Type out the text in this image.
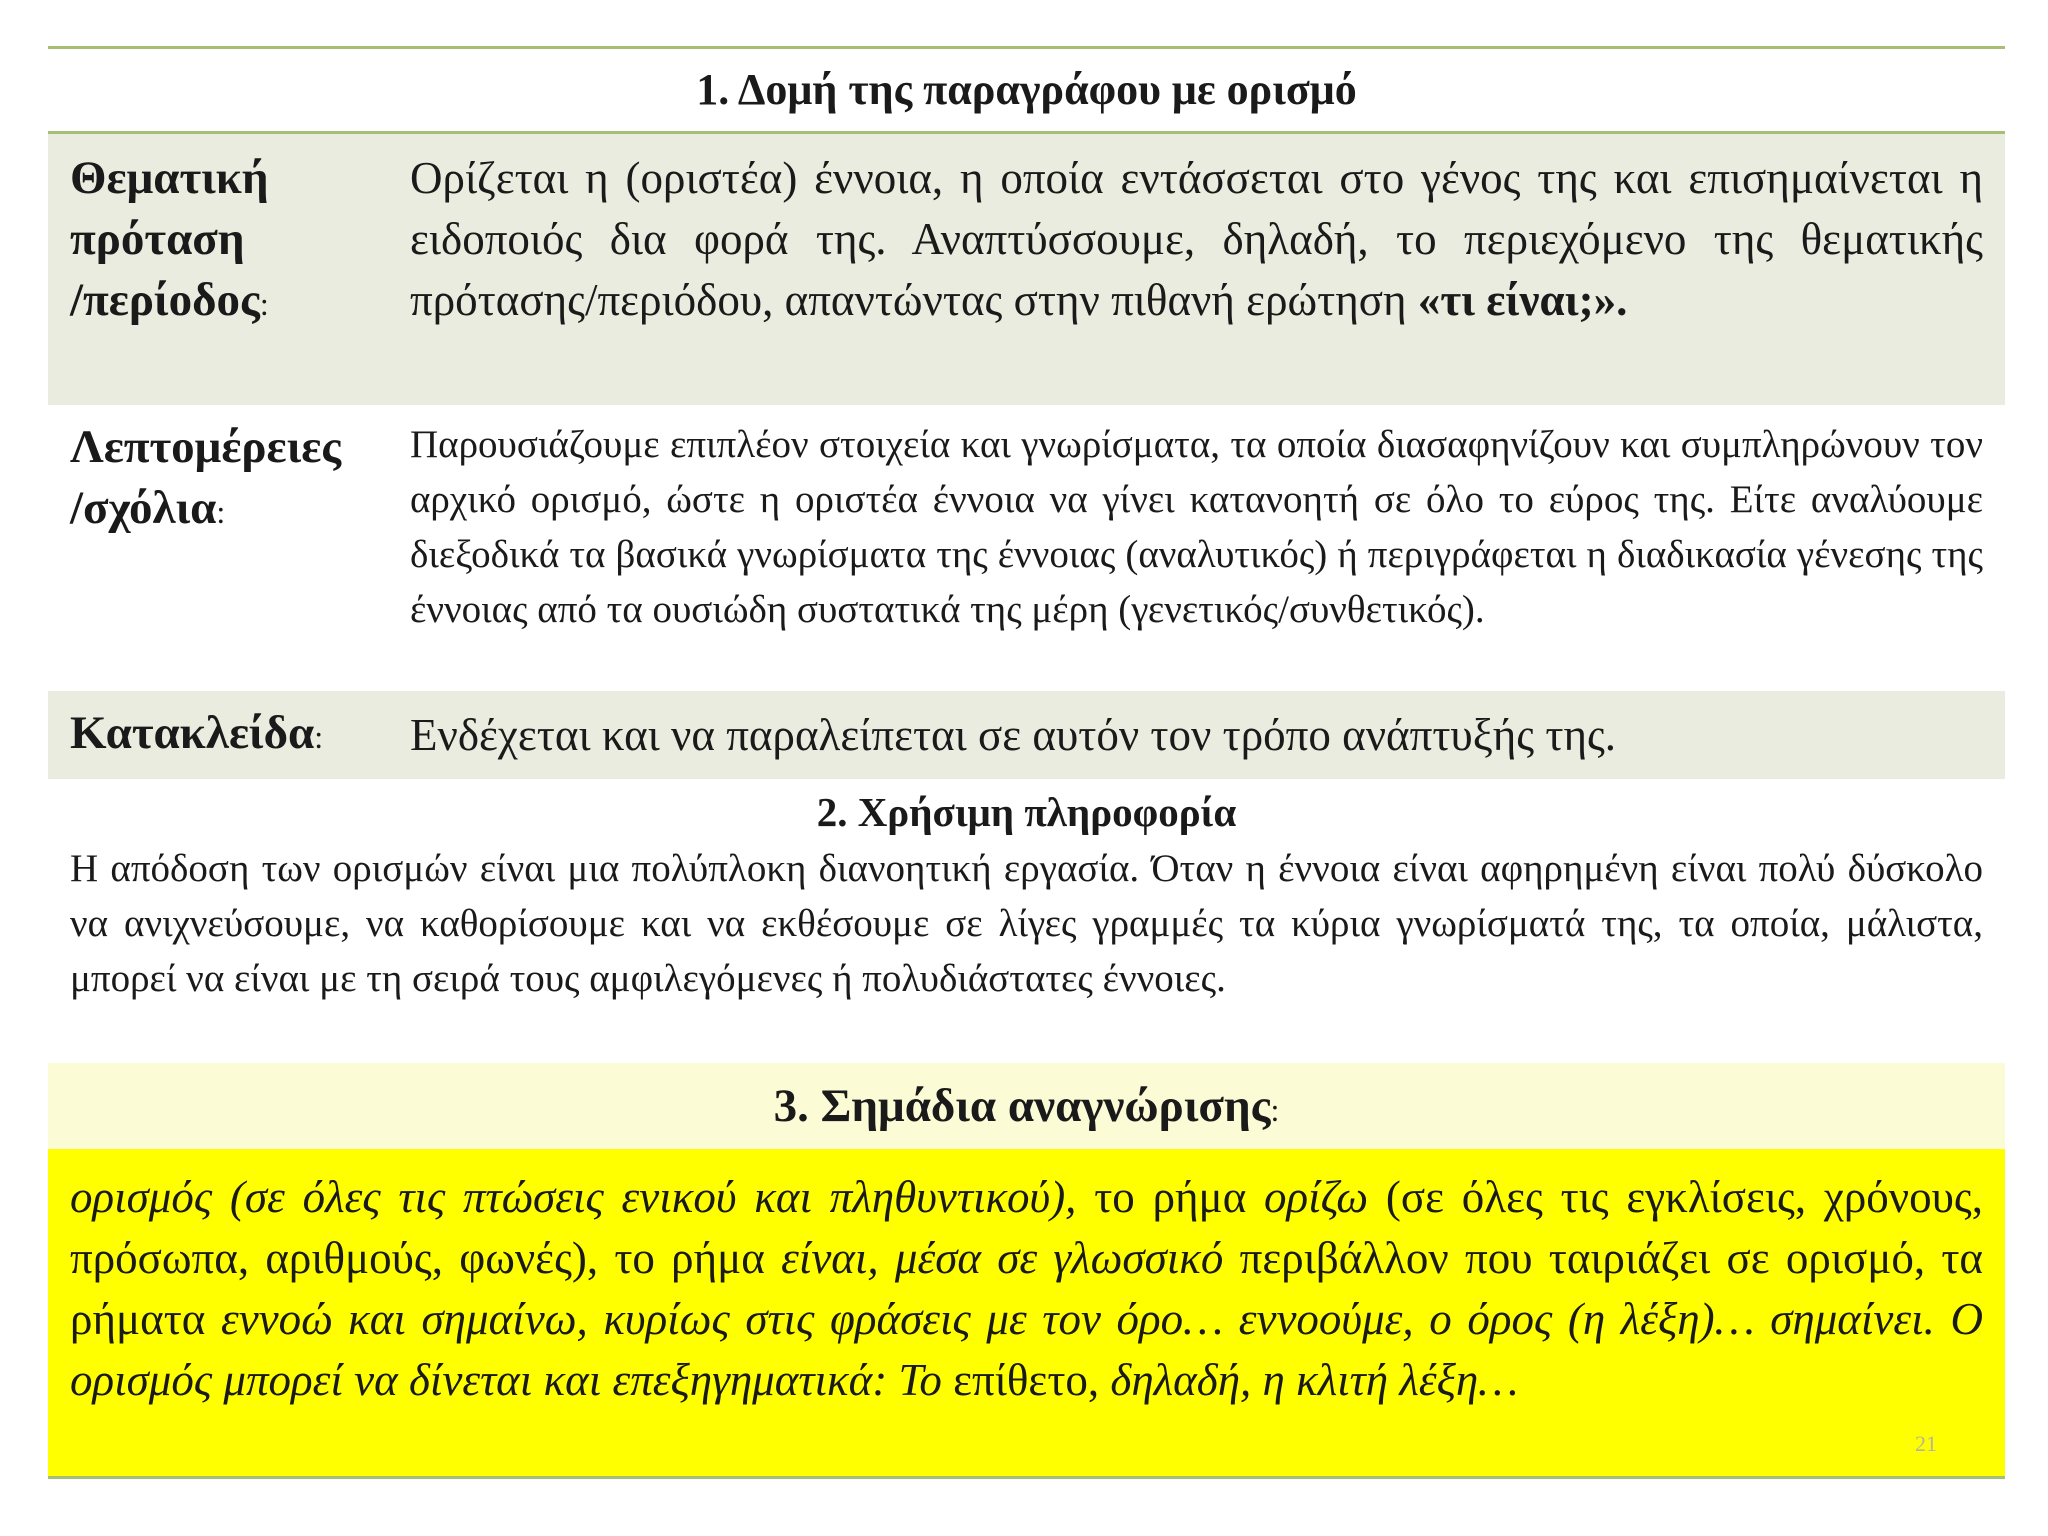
1. Δομή της παραγράφου με ορισμό
Θεματική
πρόταση
/περίοδος:
Ορίζεται η (οριστέα) έννοια, η οποία εντάσσεται στο γένος της και επισημαίνεται η ειδοποιός δια φορά της. Αναπτύσσουμε, δηλαδή, το περιεχόμενο της θεματικής πρότασης/περιόδου, απαντώντας στην πιθανή ερώτηση «τι είναι;».
Λεπτομέρειες
/σχόλια:
Παρουσιάζουμε επιπλέον στοιχεία και γνωρίσματα, τα οποία διασαφηνίζουν και συμπληρώνουν τον αρχικό ορισμό, ώστε η οριστέα έννοια να γίνει κατανοητή σε όλο το εύρος της. Είτε αναλύουμε διεξοδικά τα βασικά γνωρίσματα της έννοιας (αναλυτικός) ή περιγράφεται η διαδικασία γένεσης της έννοιας από τα ουσιώδη συστατικά της μέρη (γενετικός/συνθετικός).
Κατακλείδα:	Ενδέχεται και να παραλείπεται σε αυτόν τον τρόπο ανάπτυξής της.
2. Χρήσιμη πληροφορία
Η απόδοση των ορισμών είναι μια πολύπλοκη διανοητική εργασία. Όταν η έννοια είναι αφηρημένη είναι πολύ δύσκολο να ανιχνεύσουμε, να καθορίσουμε και να εκθέσουμε σε λίγες γραμμές τα κύρια γνωρίσματά της, τα οποία, μάλιστα, μπορεί να είναι με τη σειρά τους αμφιλεγόμενες ή πολυδιάστατες έννοιες.
3. Σημάδια αναγνώρισης:
ορισμός (σε όλες τις πτώσεις ενικού και πληθυντικού), το ρήμα ορίζω (σε όλες τις εγκλίσεις, χρόνους, πρόσωπα, αριθμούς, φωνές), το ρήμα είναι, μέσα σε γλωσσικό περιβάλλον που ταιριάζει σε ορισμό, τα ρήματα εννοώ και σημαίνω, κυρίως στις φράσεις με τον όρο… εννοούμε, ο όρος (η λέξη)… σημαίνει. Ο ορισμός μπορεί να δίνεται και επεξηγηματικά: Το επίθετο, δηλαδή, η κλιτή λέξη…
21
